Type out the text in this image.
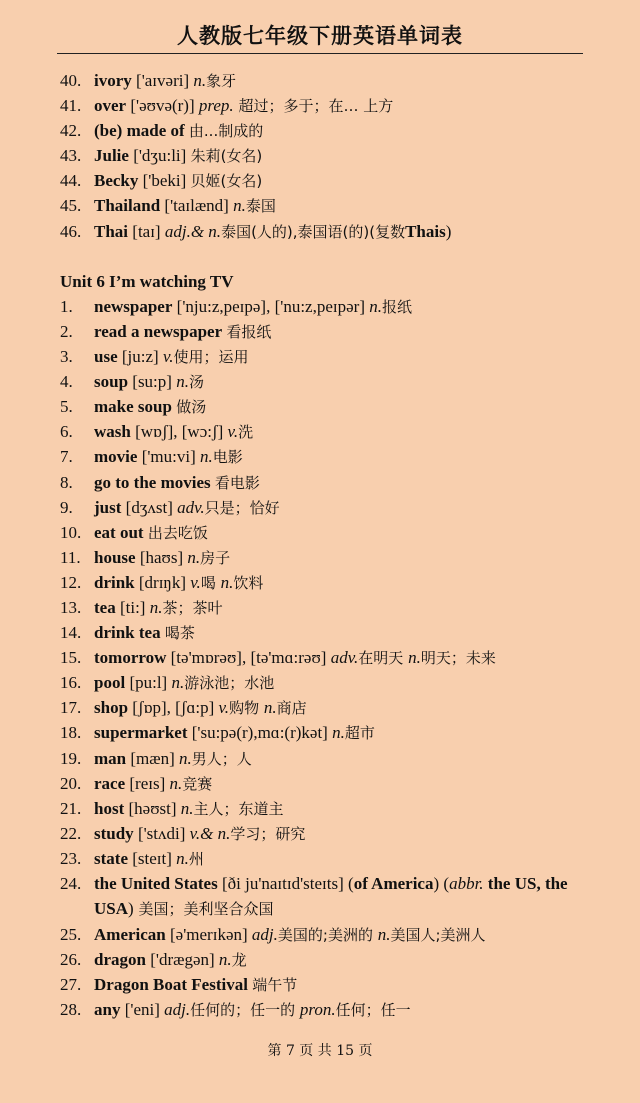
人教版七年级下册英语单词表
40. ivory ['aɪvəri] n.象牙
41. over ['əʊvə(r)] prep. 超过；多于；在… 上方
42. (be) made of 由...制成的
43. Julie ['dʒu:li] 朱莉(女名)
44. Becky ['beki] 贝姬(女名)
45. Thailand ['taɪlænd] n.泰国
46. Thai [taɪ] adj.& n.泰国(人的),泰国语(的)(复数Thais)
Unit 6 I’m watching TV
1. newspaper ['nju:z,peɪpə], ['nu:z,peɪpər] n.报纸
2. read a newspaper 看报纸
3. use [ju:z] v.使用；运用
4. soup [su:p] n.汤
5. make soup 做汤
6. wash [wɒʃ], [wɔ:ʃ] v.洗
7. movie ['mu:vi] n.电影
8. go to the movies 看电影
9. just [dʒʌst] adv.只是；恰好
10. eat out 出去吃饭
11. house [haʊs] n.房子
12. drink [drɪŋk] v.喝 n.饮料
13. tea [ti:] n.茶；茶叶
14. drink tea 喝茶
15. tomorrow [tə'mɒrəʊ], [tə'mɑ:rəʊ] adv.在明天 n.明天；未来
16. pool [pu:l] n.游泳池；水池
17. shop [ʃɒp], [ʃɑ:p] v.购物 n.商店
18. supermarket ['su:pə(r),mɑ:(r)kət] n.超市
19. man [mæn] n.男人；人
20. race [reɪs] n.竞赛
21. host [həʊst] n.主人；东道主
22. study ['stʌdi] v.& n.学习；研究
23. state [steɪt] n.州
24. the United States [ði ju'naɪtɪd'steɪts] (of America) (abbr. the US, the USA) 美国；美利坚合众国
25. American [ə'merɪkən] adj.美国的;美洲的 n.美国人;美洲人
26. dragon ['drægən] n.龙
27. Dragon Boat Festival 端午节
28. any ['eni] adj.任何的；任一的 pron.任何；任一
第 7 页 共 15 页
